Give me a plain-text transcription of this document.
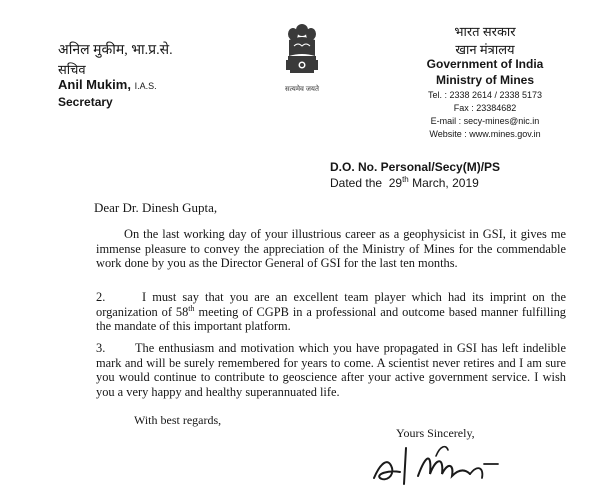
अनिल मुकीम, भा.प्र.से.
सचिव
Anil Mukim, I.A.S.
Secretary
सत्यमेव जयते
भारत सरकार
खान मंत्रालय
Government of India
Ministry of Mines
Tel. : 2338 2614 / 2338 5173
Fax : 23384682
E-mail : secy-mines@nic.in
Website : www.mines.gov.in
D.O. No. Personal/Secy(M)/PS
Dated the 29th March, 2019
Dear Dr. Dinesh Gupta,
On the last working day of your illustrious career as a geophysicist in GSI, it gives me immense pleasure to convey the appreciation of the Ministry of Mines for the commendable work done by you as the Director General of GSI for the last ten months.
2.	I must say that you are an excellent team player which had its imprint on the organization of 58th meeting of CGPB in a professional and outcome based manner fulfilling the mandate of this important platform.
3. The enthusiasm and motivation which you have propagated in GSI has left indelible mark and will be surely remembered for years to come. A scientist never retires and I am sure you would continue to contribute to geoscience after your active government service. I wish you a very happy and healthy superannuated life.
With best regards,
Yours Sincerely,
